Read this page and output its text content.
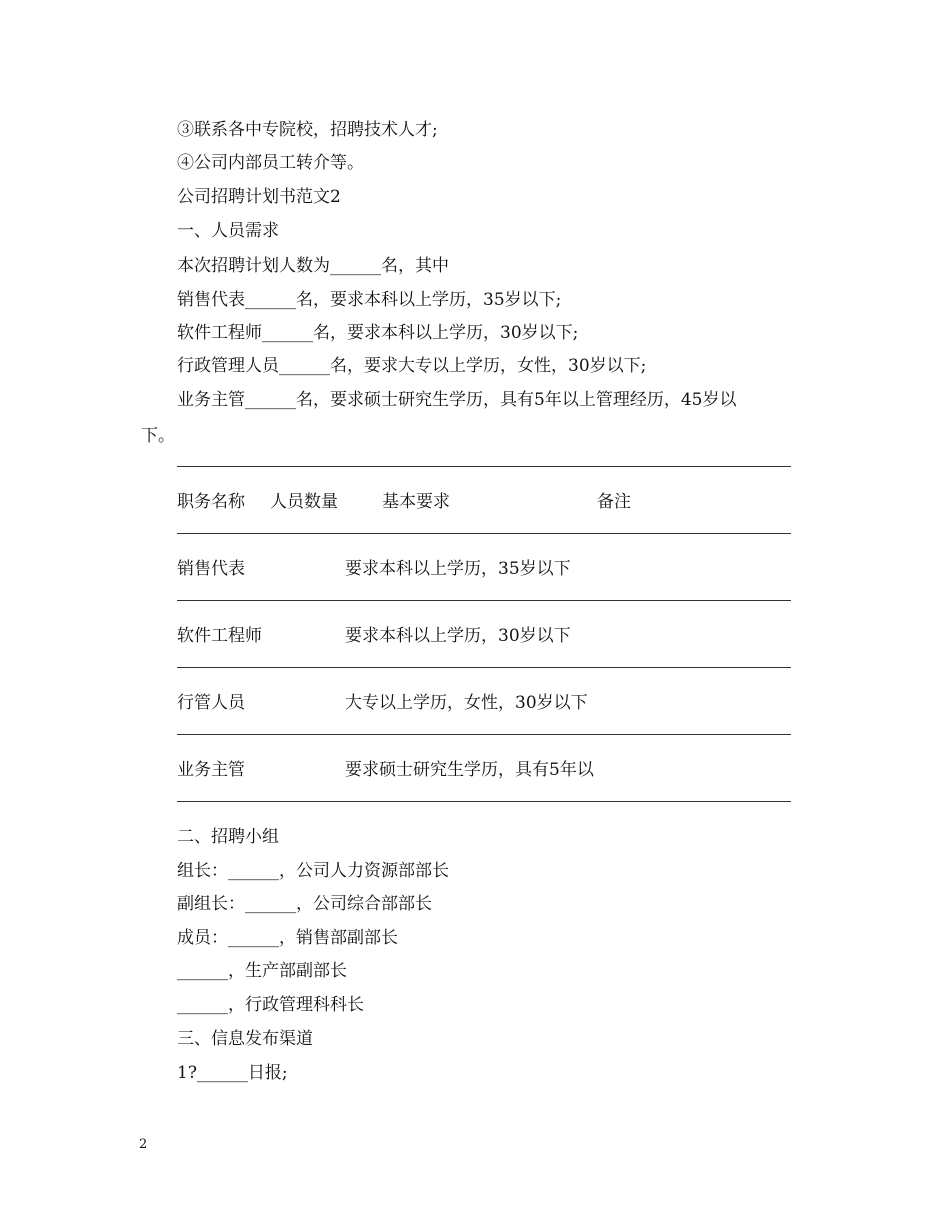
③联系各中专院校，招聘技术人才;
④公司内部员工转介等。
公司招聘计划书范文2
一、人员需求
本次招聘计划人数为______名，其中
销售代表______名，要求本科以上学历，35岁以下;
软件工程师______名，要求本科以上学历，30岁以下;
行政管理人员______名，要求大专以上学历，女性，30岁以下;
业务主管______名，要求硕士研究生学历，具有5年以上管理经历，45岁以
下。
职务名称 人员数量	基本要求	备注
销售代表	要求本科以上学历，35岁以下
软件工程师	要求本科以上学历，30岁以下
行管人员	大专以上学历，女性，30岁以下
业务主管	要求硕士研究生学历，具有5年以
二、招聘小组
组长：______，公司人力资源部部长
副组长：______，公司综合部部长
成员：______，销售部副部长
______，生产部副部长
______，行政管理科科长
三、信息发布渠道
1?______日报;
2
